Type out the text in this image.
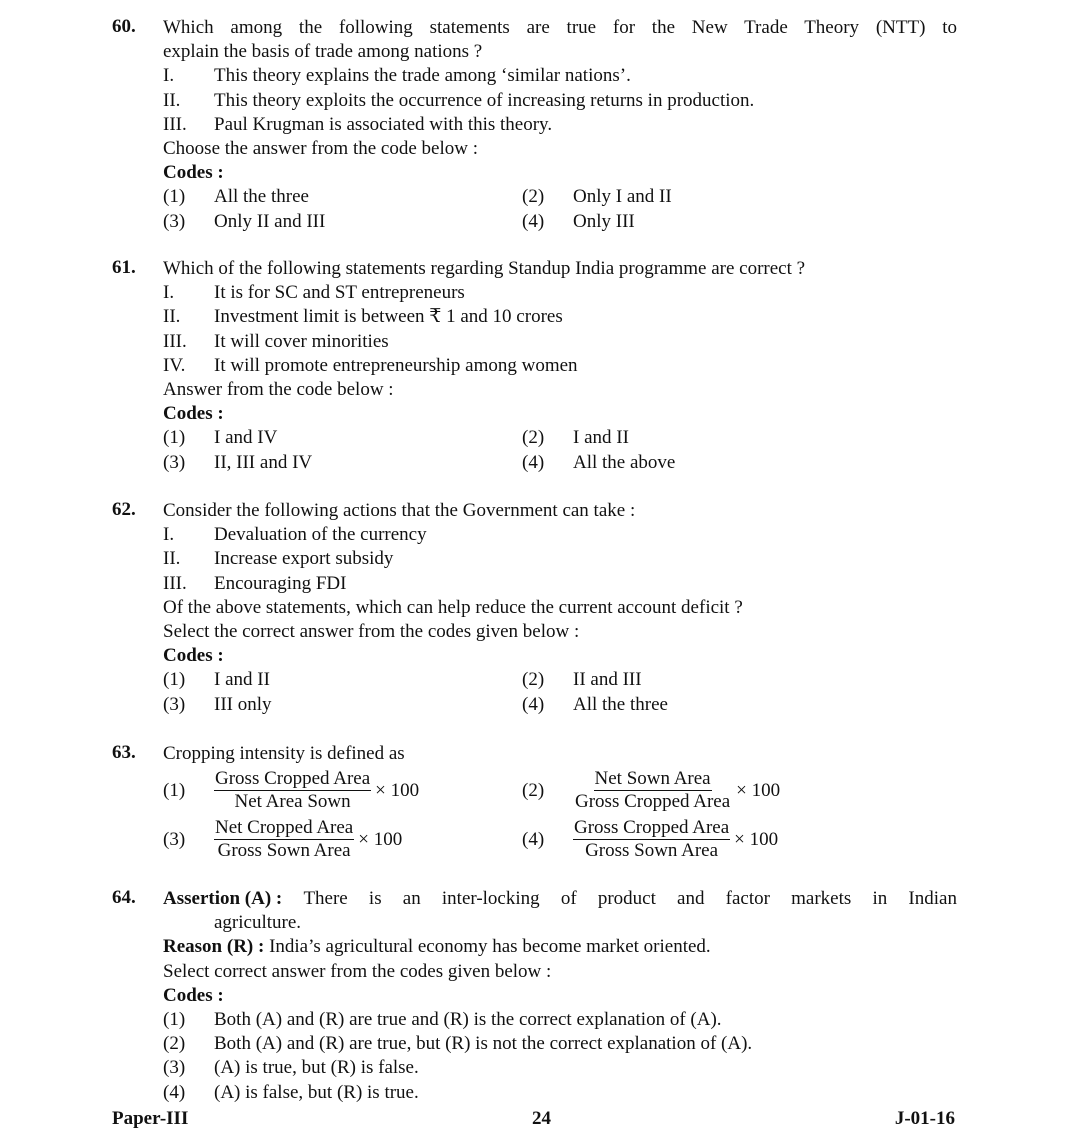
60. Which among the following statements are true for the New Trade Theory (NTT) to
explain the basis of trade among nations ?
I.	This theory explains the trade among ‘similar nations’.
II.	This theory exploits the occurrence of increasing returns in production.
III.	Paul Krugman is associated with this theory.
Choose the answer from the code below :
Codes :
(1)	All the three	(2)	Only I and II
(3)	Only II and III	(4)	Only III
61. Which of the following statements regarding Standup India programme are correct ?
I.	It is for SC and ST entrepreneurs
II.	Investment limit is between ₹ 1 and 10 crores
III.	It will cover minorities
IV.	It will promote entrepreneurship among women
Answer from the code below :
Codes :
(1)	I and IV	(2)	I and II
(3)	II, III and IV	(4)	All the above
62. Consider the following actions that the Government can take :
I.	Devaluation of the currency
II.	Increase export subsidy
III.	Encouraging FDI
Of the above statements, which can help reduce the current account deficit ?
Select the correct answer from the codes given below :
Codes :
(1)	I and II	(2)	II and III
(3)	III only	(4)	All the three
63. Cropping intensity is defined as
(1)	$\frac{\text{Gross Cropped Area}}{\text{Net Area Sown}} \times 100$	(2)	$\frac{\text{Net Sown Area}}{\text{Gross Cropped Area}} \times 100$
(3)	$\frac{\text{Net Cropped Area}}{\text{Gross Sown Area}} \times 100$	(4)	$\frac{\text{Gross Cropped Area}}{\text{Gross Sown Area}} \times 100$
64. Assertion (A) : There is an inter-locking of product and factor markets in Indian
agriculture.
Reason (R) : India’s agricultural economy has become market oriented.
Select correct answer from the codes given below :
Codes :
(1)	Both (A) and (R) are true and (R) is the correct explanation of (A).
(2)	Both (A) and (R) are true, but (R) is not the correct explanation of (A).
(3)	(A) is true, but (R) is false.
(4)	(A) is false, but (R) is true.
Paper-III	24	J-01-16
